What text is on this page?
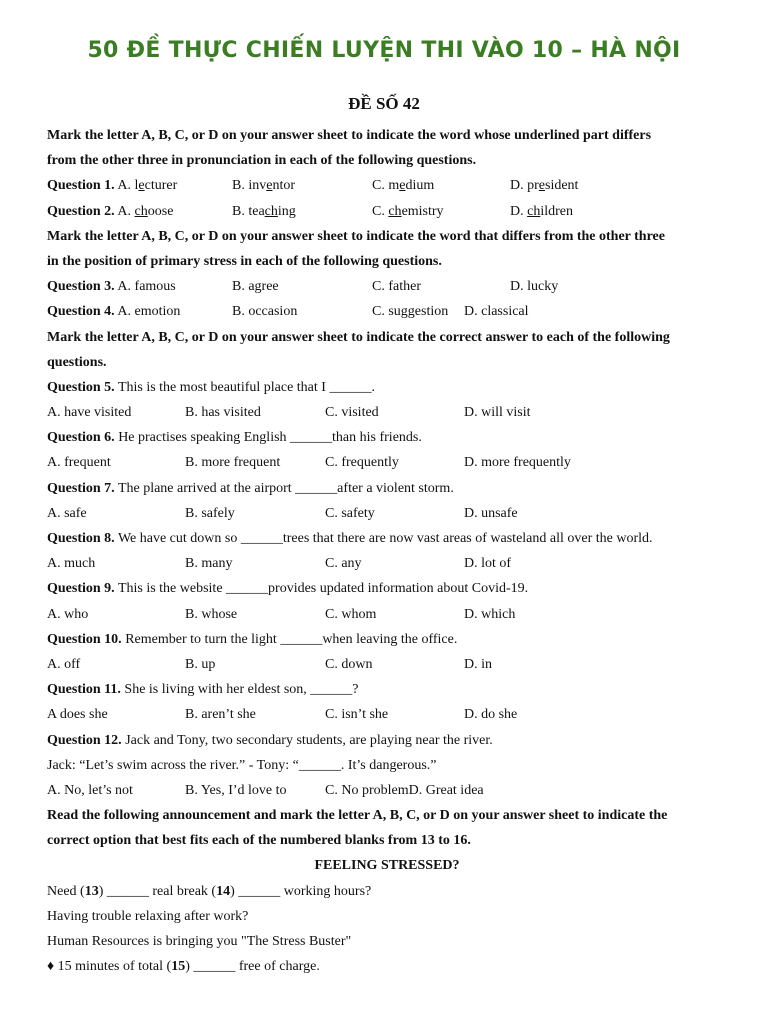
50 ĐỀ THỰC CHIẾN LUYỆN THI VÀO 10 – HÀ NỘI
ĐỀ SỐ 42
Mark the letter A, B, C, or D on your answer sheet to indicate the word whose underlined part differs
from the other three in pronunciation in each of the following questions.
Question 1. A. lecturer	B. inventor	C. medium	D. president
Question 2. A. choose	B. teaching	C. chemistry	D. children
Mark the letter A, B, C, or D on your answer sheet to indicate the word that differs from the other three
in the position of primary stress in each of the following questions.
Question 3. A. famous	B. agree	C. father	D. lucky
Question 4. A. emotion	B. occasion	C. suggestion D. classical
Mark the letter A, B, C, or D on your answer sheet to indicate the correct answer to each of the following
questions.
Question 5. This is the most beautiful place that I ______.
A. have visited	B. has visited	C. visited	D. will visit
Question 6. He practises speaking English ______than his friends.
A. frequent	B. more frequent	C. frequently	D. more frequently
Question 7. The plane arrived at the airport ______after a violent storm.
A. safe	B. safely	C. safety	D. unsafe
Question 8. We have cut down so ______trees that there are now vast areas of wasteland all over the world.
A. much	B. many	C. any	D. lot of
Question 9. This is the website ______provides updated information about Covid-19.
A. who	B. whose	C. whom	D. which
Question 10. Remember to turn the light ______when leaving the office.
A. off	B. up	C. down	D. in
Question 11. She is living with her eldest son, ______?
A does she	B. aren’t she	C. isn’t she	D. do she
Question 12. Jack and Tony, two secondary students, are playing near the river.
Jack: “Let’s swim across the river.” - Tony: “______. It’s dangerous.”
A. No, let’s not	B. Yes, I’d love to	C. No problemD. Great idea
Read the following announcement and mark the letter A, B, C, or D on your answer sheet to indicate the
correct option that best fits each of the numbered blanks from 13 to 16.
FEELING STRESSED?
Need (13) ______ real break (14) ______ working hours?
Having trouble relaxing after work?
Human Resources is bringing you "The Stress Buster"
♦ 15 minutes of total (15) ______ free of charge.
